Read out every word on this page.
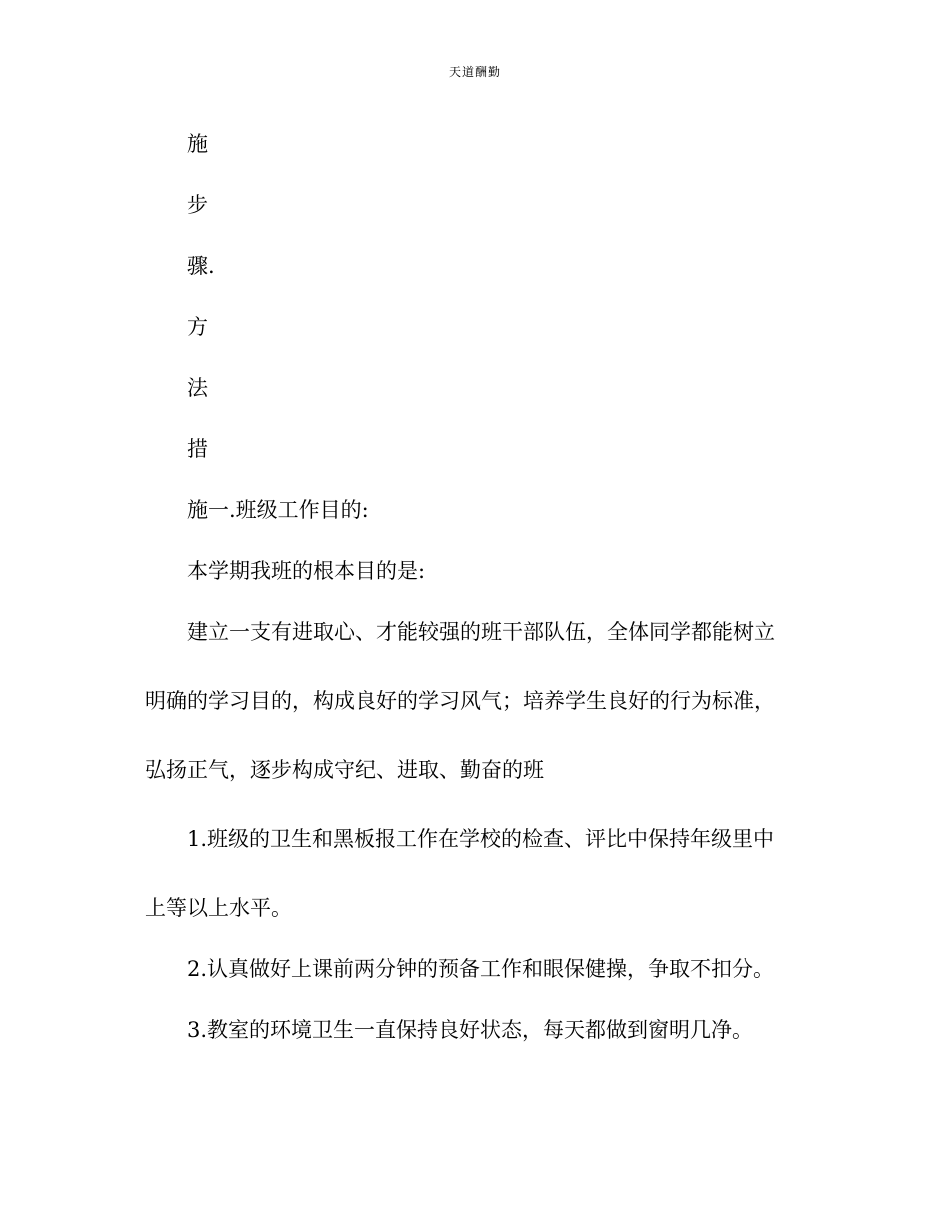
天道酬勤
施
步
骤.
方
法
措
施一.班级工作目的:
本学期我班的根本目的是:
建立一支有进取心、才能较强的班干部队伍，全体同学都能树立
明确的学习目的，构成良好的学习风气；培养学生良好的行为标准，
弘扬正气，逐步构成守纪、进取、勤奋的班
1.班级的卫生和黑板报工作在学校的检查、评比中保持年级里中
上等以上水平。
2.认真做好上课前两分钟的预备工作和眼保健操，争取不扣分。
3.教室的环境卫生一直保持良好状态，每天都做到窗明几净。
